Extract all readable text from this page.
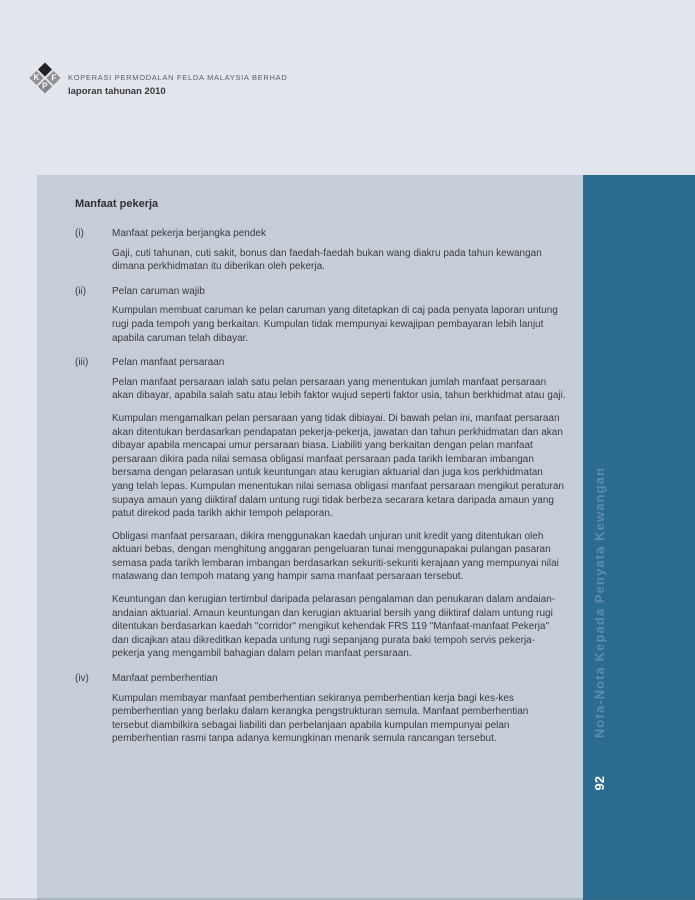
F
K
P
KOPERASI PERMODALAN FELDA MALAYSIA BERHAD
laporan tahunan 2010
Manfaat pekerja
(i)	Manfaat pekerja berjangka pendek

Gaji, cuti tahunan, cuti sakit, bonus dan faedah-faedah bukan wang diakru pada tahun kewangan dimana perkhidmatan itu diberikan oleh pekerja.

(ii)	Pelan caruman wajib

Kumpulan membuat caruman ke pelan caruman yang ditetapkan di caj pada penyata laporan untung rugi pada tempoh yang berkaitan. Kumpulan tidak mempunyai kewajipan pembayaran lebih lanjut apabila caruman telah dibayar.

(iii) Pelan manfaat persaraan

Pelan manfaat persaraan ialah satu pelan persaraan yang menentukan jumlah manfaat persaraan akan dibayar, apabila salah satu atau lebih faktor wujud seperti faktor usia, tahun berkhidmat atau gaji.

Kumpulan mengamalkan pelan persaraan yang tidak dibiayai. Di bawah pelan ini, manfaat persaraan akan ditentukan berdasarkan pendapatan pekerja-pekerja, jawatan dan tahun perkhidmatan dan akan dibayar apabila mencapai umur persaraan biasa. Liabiliti yang berkaitan dengan pelan manfaat persaraan dikira pada nilai semasa obligasi manfaat persaraan pada tarikh lembaran imbangan bersama dengan pelarasan untuk keuntungan atau kerugian aktuarial dan juga kos perkhidmatan yang telah lepas. Kumpulan menentukan nilai semasa obligasi manfaat persaraan mengikut peraturan supaya amaun yang diiktiraf dalam untung rugi tidak berbeza secarara ketara daripada amaun yang patut direkod pada tarikh akhir tempoh pelaporan.

Obligasi manfaat persaraan, dikira menggunakan kaedah unjuran unit kredit yang ditentukan oleh aktuari bebas, dengan menghitung anggaran pengeluaran tunai menggunapakai pulangan pasaran semasa pada tarikh lembaran imbangan berdasarkan sekuriti-sekuriti kerajaan yang mempunyai nilai matawang dan tempoh matang yang hampir sama manfaat persaraan tersebut.

Keuntungan dan kerugian tertimbul daripada pelarasan pengalaman dan penukaran dalam andaian-andaian aktuarial. Amaun keuntungan dan kerugian aktuarial bersih yang diiktiraf dalam untung rugi ditentukan berdasarkan kaedah "corridor" mengikut kehendak FRS 119 "Manfaat-manfaat Pekerja" dan dicajkan atau dikreditkan kepada untung rugi sepanjang purata baki tempoh servis pekerja-pekerja yang mengambil bahagian dalam pelan manfaat persaraan.

(iv) Manfaat pemberhentian

Kumpulan membayar manfaat pemberhentian sekiranya pemberhentian kerja bagi kes-kes pemberhentian yang berlaku dalam kerangka pengstrukturan semula. Manfaat pemberhentian tersebut diambilkira sebagai liabiliti dan perbelanjaan apabila kumpulan mempunyai pelan pemberhentian rasmi tanpa adanya kemungkinan menarik semula rancangan tersebut.

Nota-Nota Kepada Penyata Kewangan
92
